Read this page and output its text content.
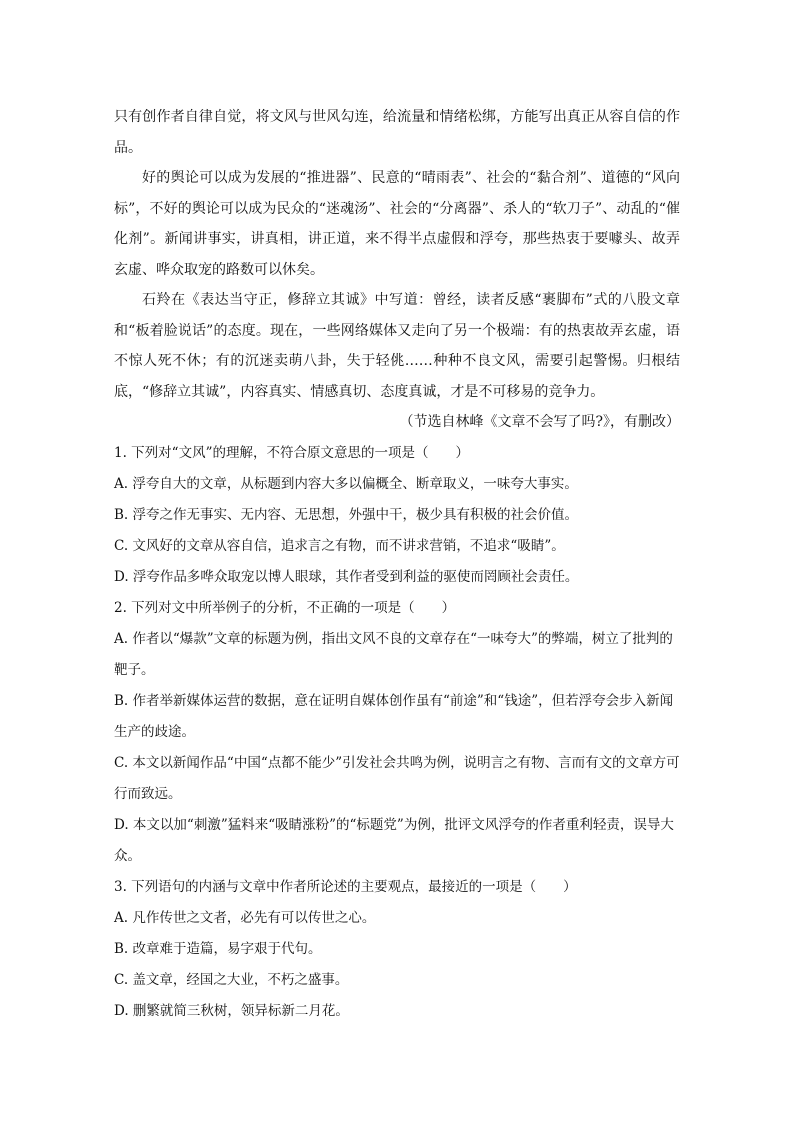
只有创作者自律自觉，将文风与世风勾连，给流量和情绪松绑，方能写出真正从容自信的作品。

好的舆论可以成为发展的“推进器”、民意的“晴雨表”、社会的“黏合剂”、道德的“风向标”，不好的舆论可以成为民众的“迷魂汤”、社会的“分离器”、杀人的“软刀子”、动乱的“催化剂”。新闻讲事实，讲真相，讲正道，来不得半点虚假和浮夸，那些热衷于要噱头、故弄玄虚、哗众取宠的路数可以休矣。

石羚在《表达当守正，修辞立其诚》中写道：曾经，读者反感“裹脚布”式的八股文章和“板着脸说话”的态度。现在，一些网络媒体又走向了另一个极端：有的热衷故弄玄虚，语不惊人死不休；有的沉迷卖萌八卦，失于轻佻……种种不良文风，需要引起警惕。归根结底，“修辞立其诚”，内容真实、情感真切、态度真诚，才是不可移易的竞争力。

（节选自林峰《文章不会写了吗?》，有删改）

1. 下列对“文风”的理解，不符合原文意思的一项是（　　）

A. 浮夸自大的文章，从标题到内容大多以偏概全、断章取义，一味夸大事实。

B. 浮夸之作无事实、无内容、无思想，外强中干，极少具有积极的社会价值。

C. 文风好的文章从容自信，追求言之有物，而不讲求营销，不追求“吸睛”。

D. 浮夸作品多哗众取宠以博人眼球，其作者受到利益的驱使而罔顾社会责任。

2. 下列对文中所举例子的分析，不正确的一项是（　　）

A. 作者以“爆款”文章的标题为例，指出文风不良的文章存在“一味夸大”的弊端，树立了批判的靶子。

B. 作者举新媒体运营的数据，意在证明自媒体创作虽有“前途”和“钱途”，但若浮夸会步入新闻生产的歧途。

C. 本文以新闻作品“中国“点都不能少”引发社会共鸣为例，说明言之有物、言而有文的文章方可行而致远。

D. 本文以加“刺激”猛料来“吸睛涨粉”的“标题党”为例，批评文风浮夸的作者重利轻责，误导大众。

3. 下列语句的内涵与文章中作者所论述的主要观点，最接近的一项是（　　）

A. 凡作传世之文者，必先有可以传世之心。

B. 改章难于造篇，易字艰于代句。

C. 盖文章，经国之大业，不朽之盛事。

D. 删繁就简三秋树，领异标新二月花。
